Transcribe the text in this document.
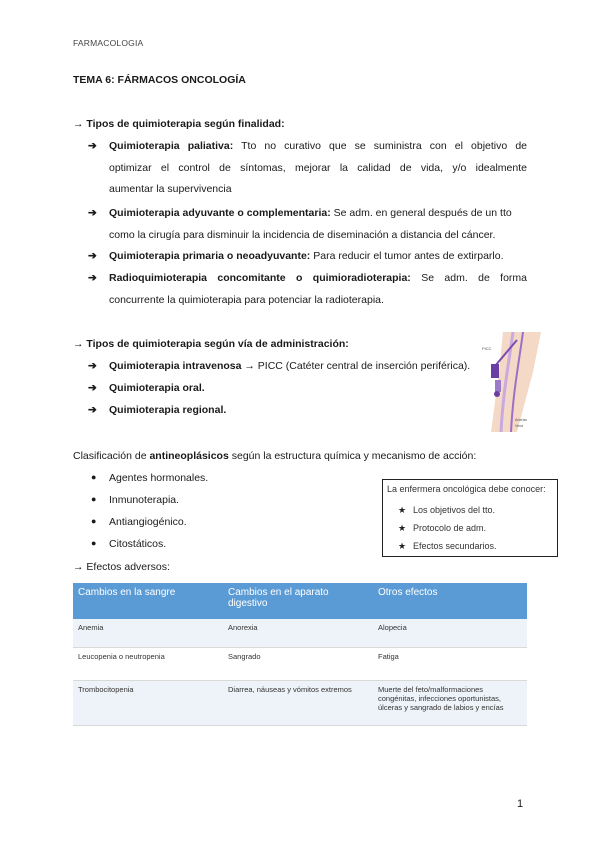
FARMACOLOGIA
TEMA 6: FÁRMACOS ONCOLOGÍA
→ Tipos de quimioterapia según finalidad:
➔ Quimioterapia paliativa: Tto no curativo que se suministra con el objetivo de
optimizar el control de síntomas, mejorar la calidad de vida, y/o idealmente
aumentar la supervivencia
➔ Quimioterapia adyuvante o complementaria: Se adm. en general después de un tto
como la cirugía para disminuir la incidencia de diseminación a distancia del cáncer.
➔ Quimioterapia primaria o neoadyuvante: Para reducir el tumor antes de extirparlo.
➔ Radioquimioterapia concomitante o quimioradioterapia: Se adm. de forma
concurrente la quimioterapia para potenciar la radioterapia.
→ Tipos de quimioterapia según vía de administración:
➔ Quimioterapia intravenosa → PICC (Catéter central de inserción periférica).
➔ Quimioterapia oral.
➔ Quimioterapia regional.
PICC
Arterias
Vena
Clasificación de antineoplásicos según la estructura química y mecanismo de acción:
● Agentes hormonales.
● Inmunoterapia.
● Antiangiogénico.
● Citostáticos.
La enfermera oncológica debe conocer:
★ Los objetivos del tto.
★ Protocolo de adm.
★ Efectos secundarios.
→ Efectos adversos:
Cambios en la sangre	Cambios en el aparato digestivo	Otros efectos
Anemia	Anorexia	Alopecia
Leucopenia o neutropenia	Sangrado	Fatiga
Trombocitopenia	Diarrea, náuseas y vómitos extremos	Muerte del feto/malformaciones congénitas, infecciones oportunistas, úlceras y sangrado de labios y encías
1
